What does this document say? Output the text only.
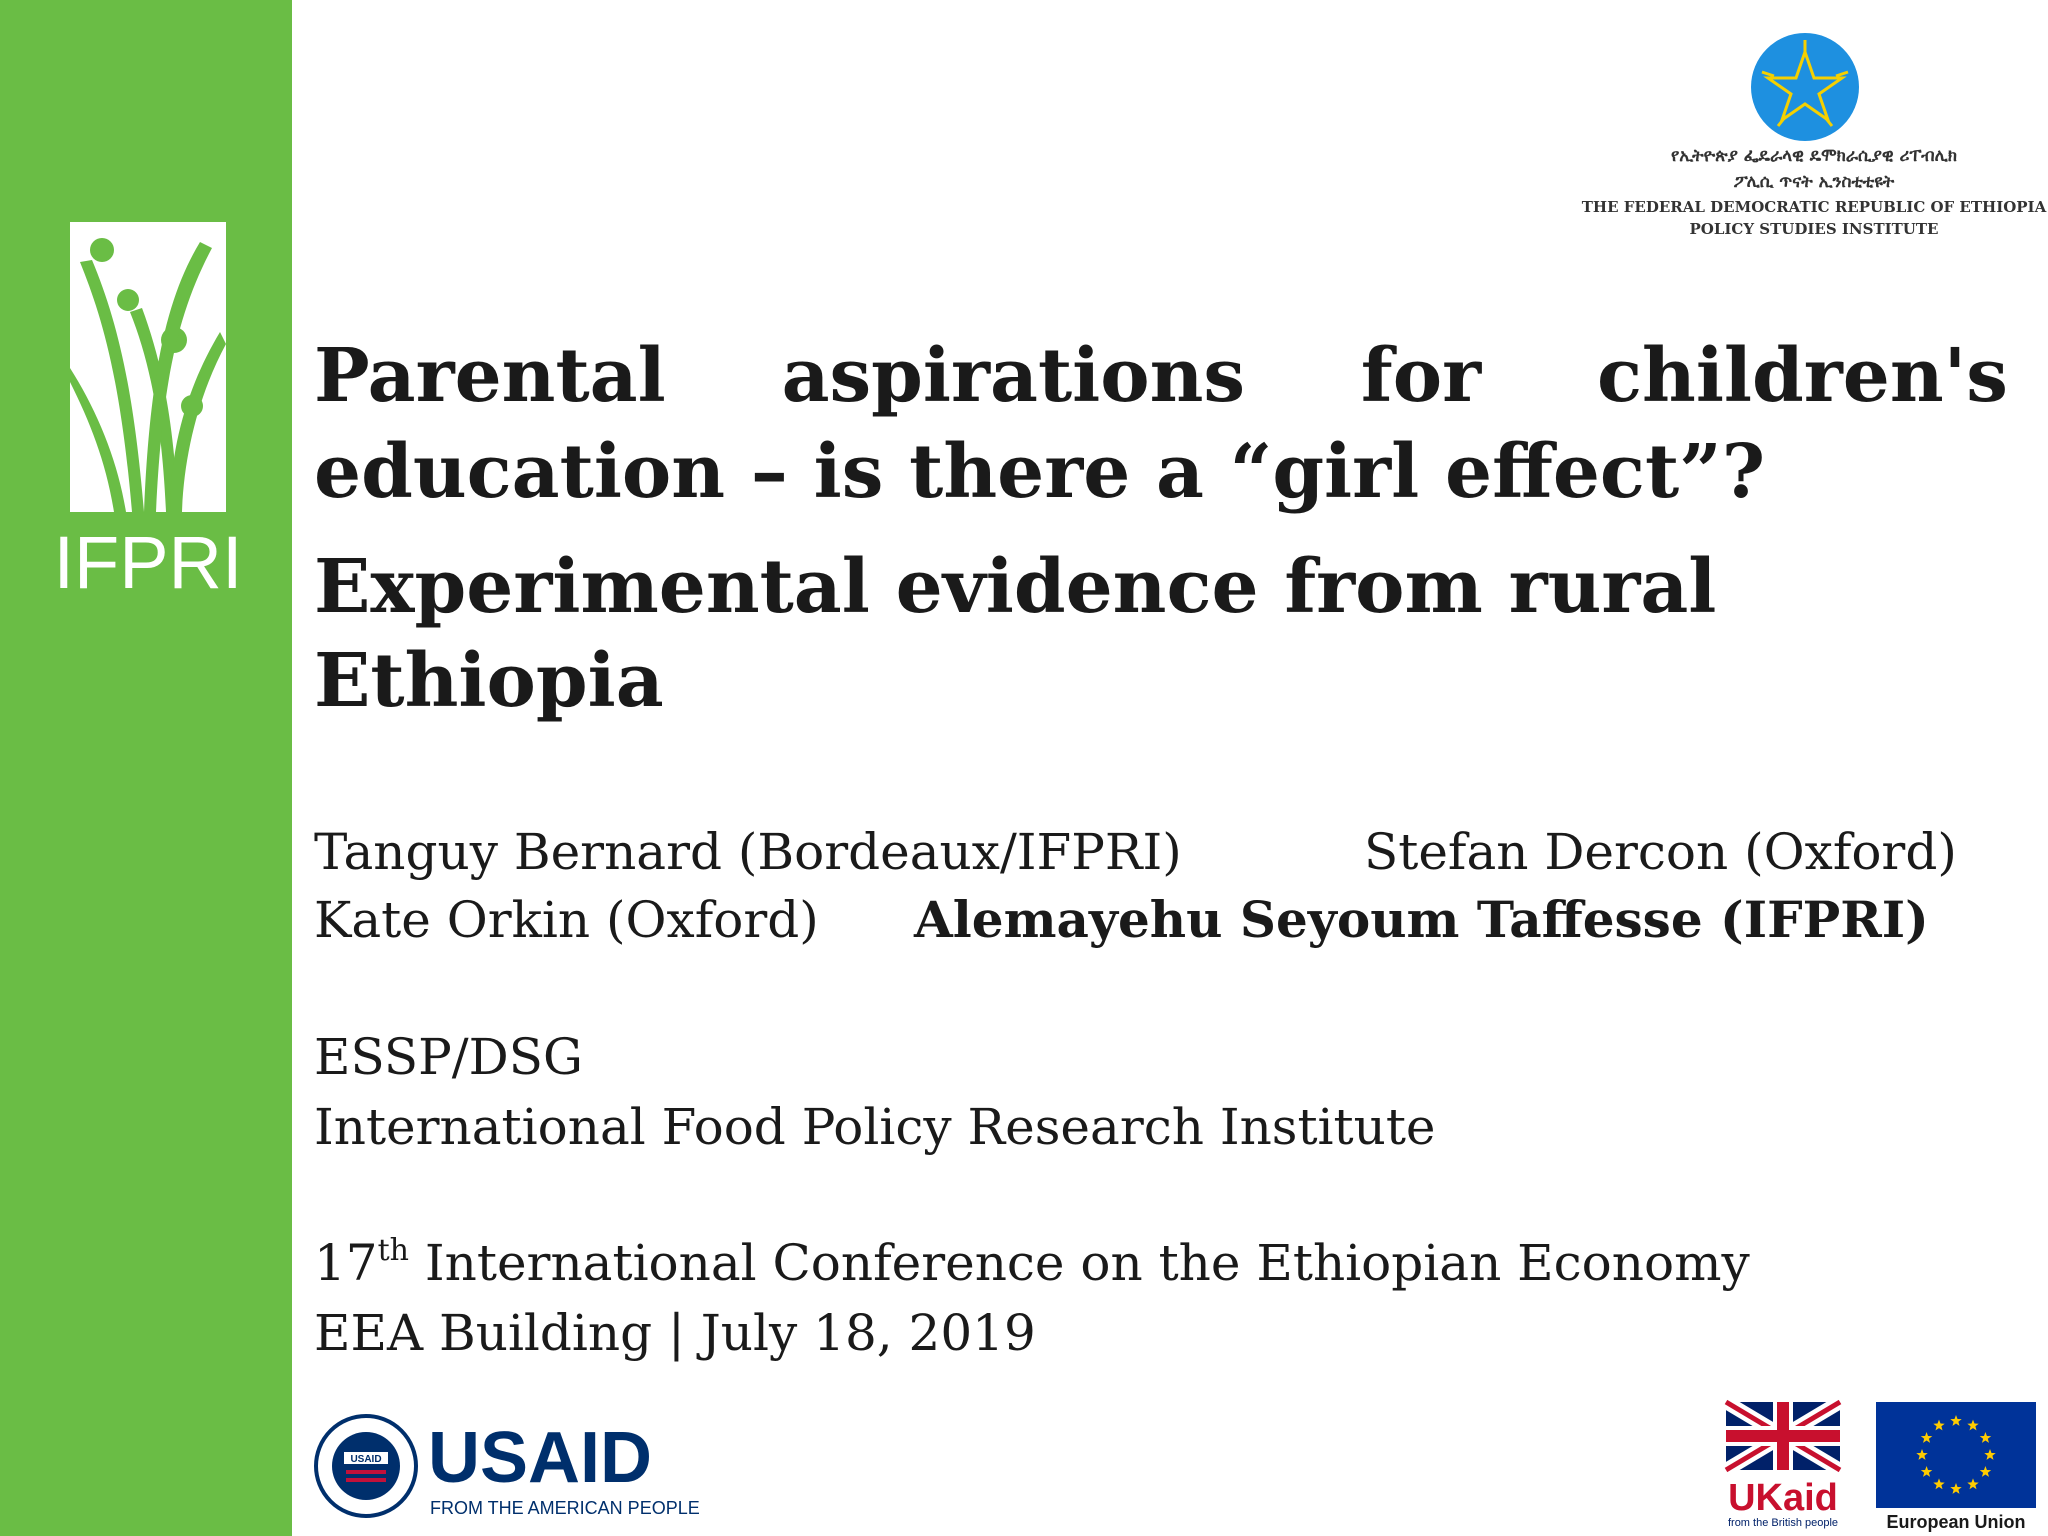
IFPRI
የኢትዮጵያ ፌዴራላዊ ዴሞክራሲያዊ ሪፐብሊክ
ፖሊሲ ጥናት ኢንስቲቲዩት
THE FEDERAL DEMOCRATIC REPUBLIC OF ETHIOPIA
POLICY STUDIES INSTITUTE
Parental aspirations for children's
education – is there a “girl effect”?
Experimental evidence from rural Ethiopia
Tanguy Bernard (Bordeaux/IFPRI)	Stefan Dercon (Oxford)
Kate Orkin (Oxford) Alemayehu Seyoum Taffesse (IFPRI)
ESSP/DSG
International Food Policy Research Institute
17th International Conference on the Ethiopian Economy
EEA Building | July 18, 2019
USAID USAID
FROM THE AMERICAN PEOPLE	UKaid
from the British people	European Union
